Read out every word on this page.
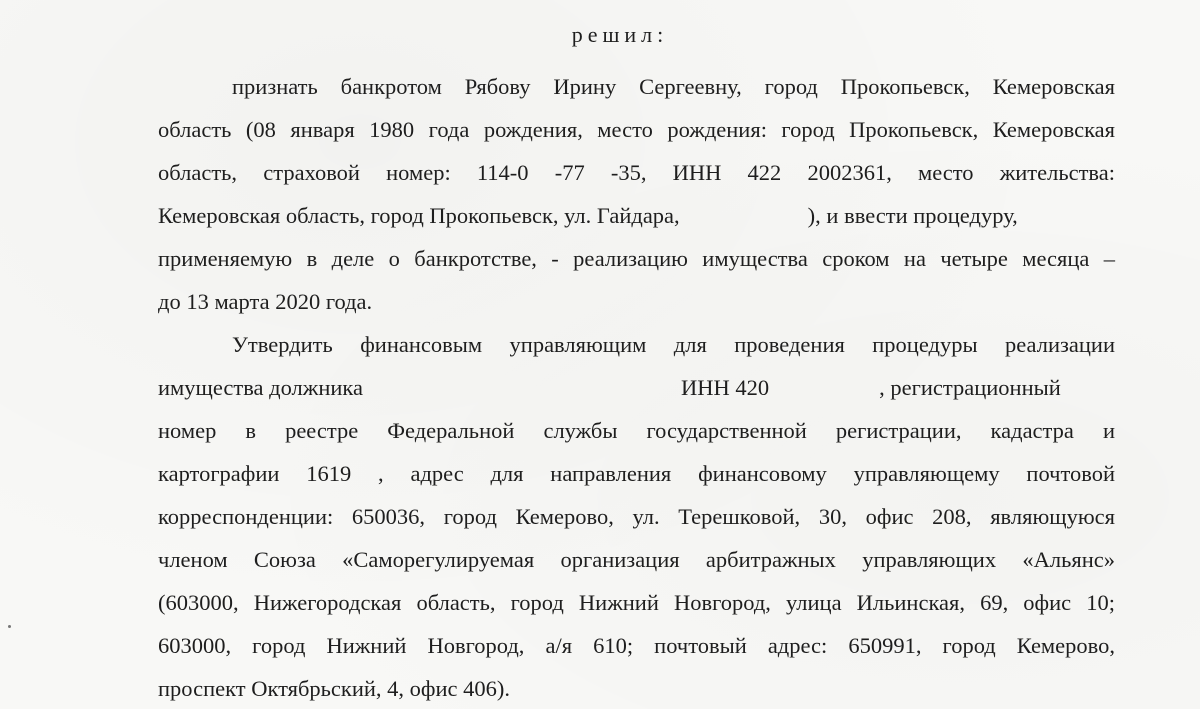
решил:
признать банкротом Рябову Ирину Сергеевну, город Прокопьевск, Кемеровская
область (08 января 1980 года рождения, место рождения: город Прокопьевск, Кемеровская
область, страховой номер: 114-0 -77 -35, ИНН 422 2002361, место жительства:
Кемеровская область, город Прокопьевск, ул. Гайдара,	), и ввести процедуру,
применяемую в деле о банкротстве, - реализацию имущества сроком на четыре месяца –
до 13 марта 2020 года.
Утвердить финансовым управляющим для проведения процедуры реализации
имущества должника	ИНН 420	, регистрационный
номер в реестре Федеральной службы государственной регистрации, кадастра и
картографии 1619 , адрес для направления финансовому управляющему почтовой
корреспонденции: 650036, город Кемерово, ул. Терешковой, 30, офис 208, являющуюся
членом Союза «Саморегулируемая организация арбитражных управляющих «Альянс»
(603000, Нижегородская область, город Нижний Новгород, улица Ильинская, 69, офис 10;
603000, город Нижний Новгород, а/я 610; почтовый адрес: 650991, город Кемерово,
проспект Октябрьский, 4, офис 406).
